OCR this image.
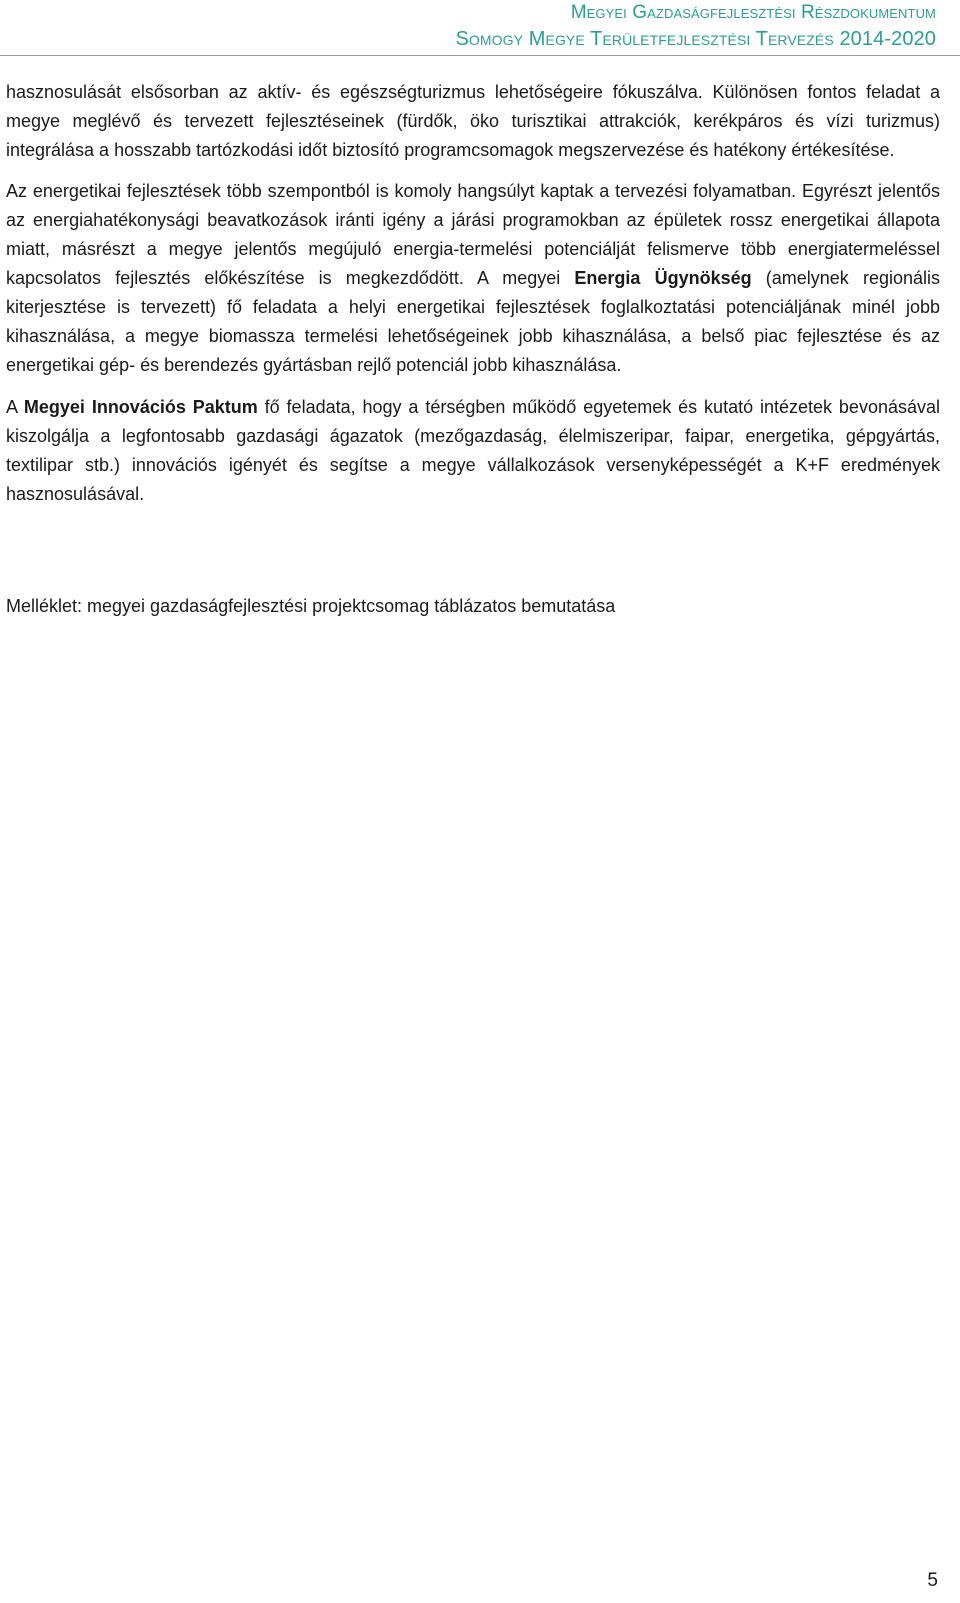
Megyei Gazdaságfejlesztési Részdokumentum
Somogy Megye Területfejlesztési Tervezés 2014-2020

hasznosulását elsősorban az aktív- és egészségturizmus lehetőségeire fókuszálva. Különösen fontos feladat a megye meglévő és tervezett fejlesztéseinek (fürdők, öko turisztikai attrakciók, kerékpáros és vízi turizmus) integrálása a hosszabb tartózkodási időt biztosító programcsomagok megszervezése és hatékony értékesítése.

Az energetikai fejlesztések több szempontból is komoly hangsúlyt kaptak a tervezési folyamatban. Egyrészt jelentős az energiahatékonysági beavatkozások iránti igény a járási programokban az épületek rossz energetikai állapota miatt, másrészt a megye jelentős megújuló energia-termelési potenciálját felismerve több energiatermeléssel kapcsolatos fejlesztés előkészítése is megkezdődött. A megyei Energia Ügynökség (amelynek regionális kiterjesztése is tervezett) fő feladata a helyi energetikai fejlesztések foglalkoztatási potenciáljának minél jobb kihasználása, a megye biomassza termelési lehetőségeinek jobb kihasználása, a belső piac fejlesztése és az energetikai gép- és berendezés gyártásban rejlő potenciál jobb kihasználása.

A Megyei Innovációs Paktum fő feladata, hogy a térségben működő egyetemek és kutató intézetek bevonásával kiszolgálja a legfontosabb gazdasági ágazatok (mezőgazdaság, élelmiszeripar, faipar, energetika, gépgyártás, textilipar stb.) innovációs igényét és segítse a megye vállalkozások versenyképességét a K+F eredmények hasznosulásával.

Melléklet: megyei gazdaságfejlesztési projektcsomag táblázatos bemutatása

5
